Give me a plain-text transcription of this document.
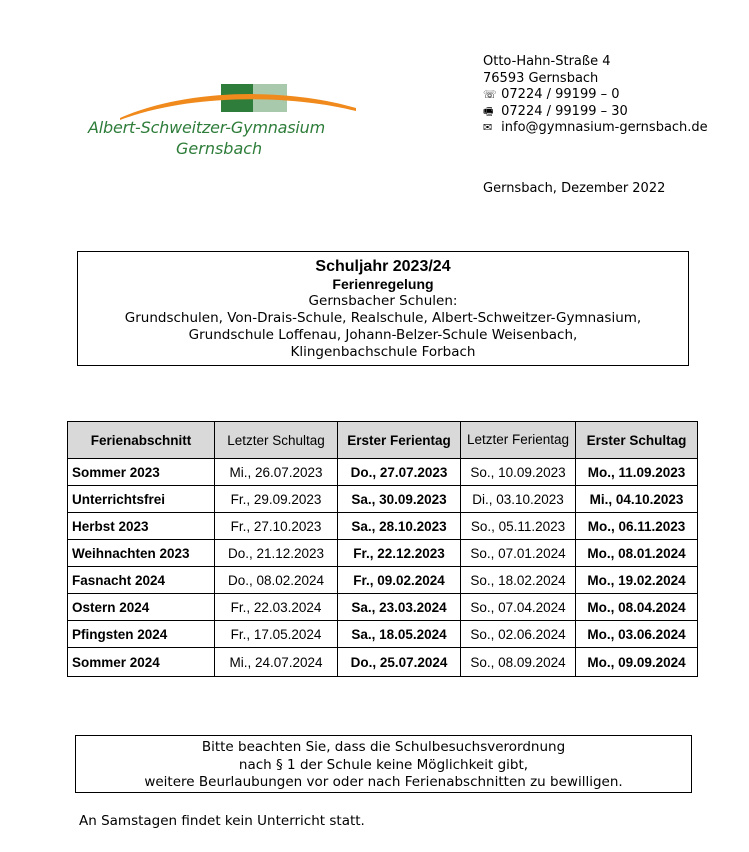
Albert-Schweitzer-Gymnasium
Gernsbach
Otto-Hahn-Straße 4
76593 Gernsbach
☏ 07224 / 99199 – 0
🖷 07224 / 99199 – 30
✉ info@gymnasium-gernsbach.de
Gernsbach, Dezember 2022
Schuljahr 2023/24
Ferienregelung
Gernsbacher Schulen:
Grundschulen, Von-Drais-Schule, Realschule, Albert-Schweitzer-Gymnasium,
Grundschule Loffenau, Johann-Belzer-Schule Weisenbach,
Klingenbachschule Forbach
Ferienabschnitt	Letzter Schultag	Erster Ferientag	Letzter Ferientag	Erster Schultag
Sommer 2023	Mi., 26.07.2023	Do., 27.07.2023	So., 10.09.2023	Mo., 11.09.2023
Unterrichtsfrei	Fr., 29.09.2023	Sa., 30.09.2023	Di., 03.10.2023	Mi., 04.10.2023
Herbst 2023	Fr., 27.10.2023	Sa., 28.10.2023	So., 05.11.2023	Mo., 06.11.2023
Weihnachten 2023	Do., 21.12.2023	Fr., 22.12.2023	So., 07.01.2024	Mo., 08.01.2024
Fasnacht 2024	Do., 08.02.2024	Fr., 09.02.2024	So., 18.02.2024	Mo., 19.02.2024
Ostern 2024	Fr., 22.03.2024	Sa., 23.03.2024	So., 07.04.2024	Mo., 08.04.2024
Pfingsten 2024	Fr., 17.05.2024	Sa., 18.05.2024	So., 02.06.2024	Mo., 03.06.2024
Sommer 2024	Mi., 24.07.2024	Do., 25.07.2024	So., 08.09.2024	Mo., 09.09.2024
Bitte beachten Sie, dass die Schulbesuchsverordnung
nach § 1 der Schule keine Möglichkeit gibt,
weitere Beurlaubungen vor oder nach Ferienabschnitten zu bewilligen.
An Samstagen findet kein Unterricht statt.
